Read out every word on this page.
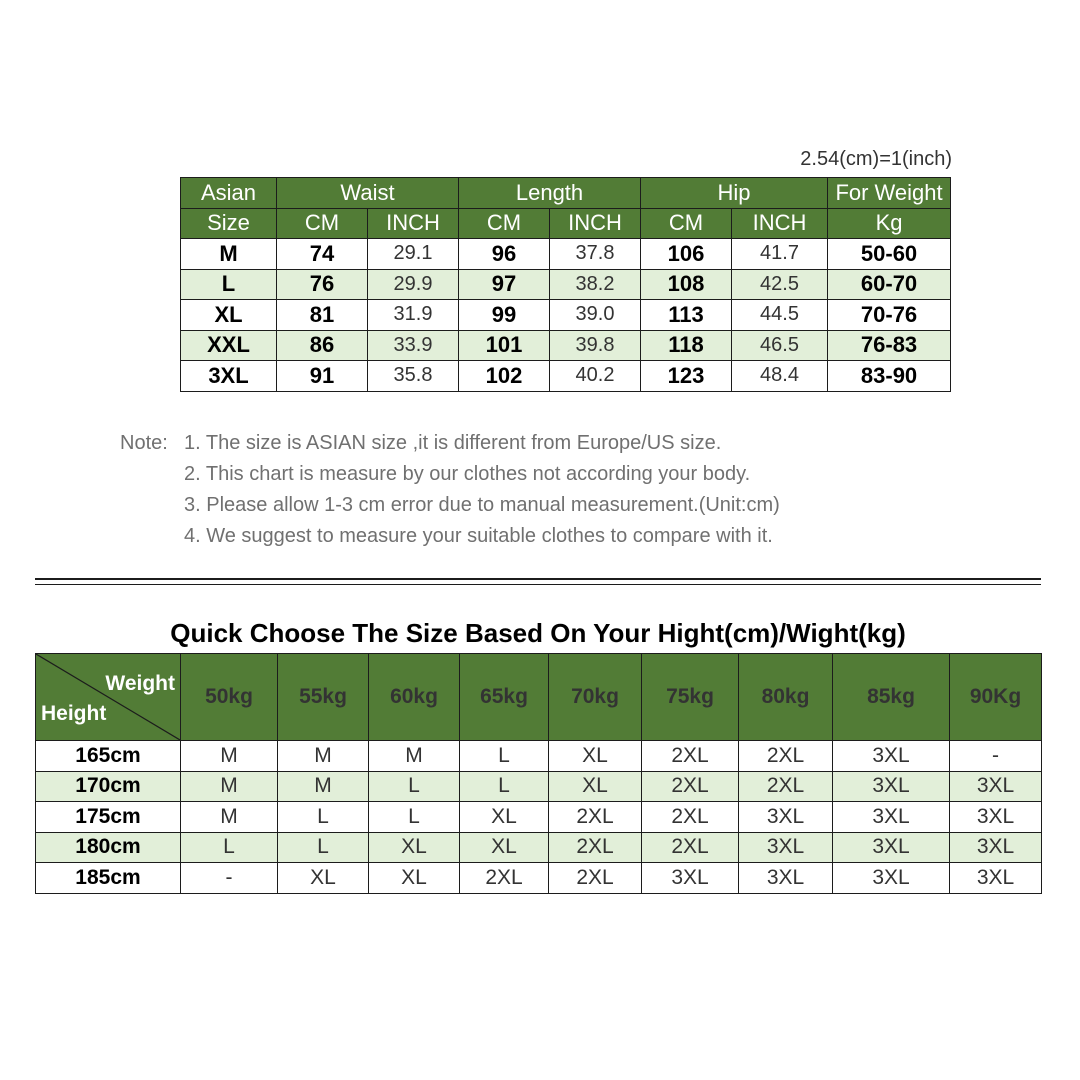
2.54(cm)=1(inch)
Asian	Waist		Length		Hip		For Weight
Size	CM	INCH	CM	INCH	CM	INCH	Kg
M	74	29.1	96	37.8	106	41.7	50-60
L	76	29.9	97	38.2	108	42.5	60-70
XL	81	31.9	99	39.0	113	44.5	70-76
XXL	86	33.9	101	39.8	118	46.5	76-83
3XL	91	35.8	102	40.2	123	48.4	83-90
Note: 1. The size is ASIAN size ,it is different from Europe/US size.
2. This chart is measure by our clothes not according your body.
3. Please allow 1-3 cm error due to manual measurement.(Unit:cm)
4. We suggest to measure your suitable clothes to compare with it.
Quick Choose The Size Based On Your Hight(cm)/Wight(kg)
Weight
Height	50kg	55kg	60kg	65kg	70kg	75kg	80kg	85kg	90Kg
165cm	M	M	M	L	XL	2XL	2XL	3XL	-
170cm	M	M	L	L	XL	2XL	2XL	3XL	3XL
175cm	M	L	L	XL	2XL	2XL	3XL	3XL	3XL
180cm	L	L	XL	XL	2XL	2XL	3XL	3XL	3XL
185cm	-	XL	XL	2XL	2XL	3XL	3XL	3XL	3XL
